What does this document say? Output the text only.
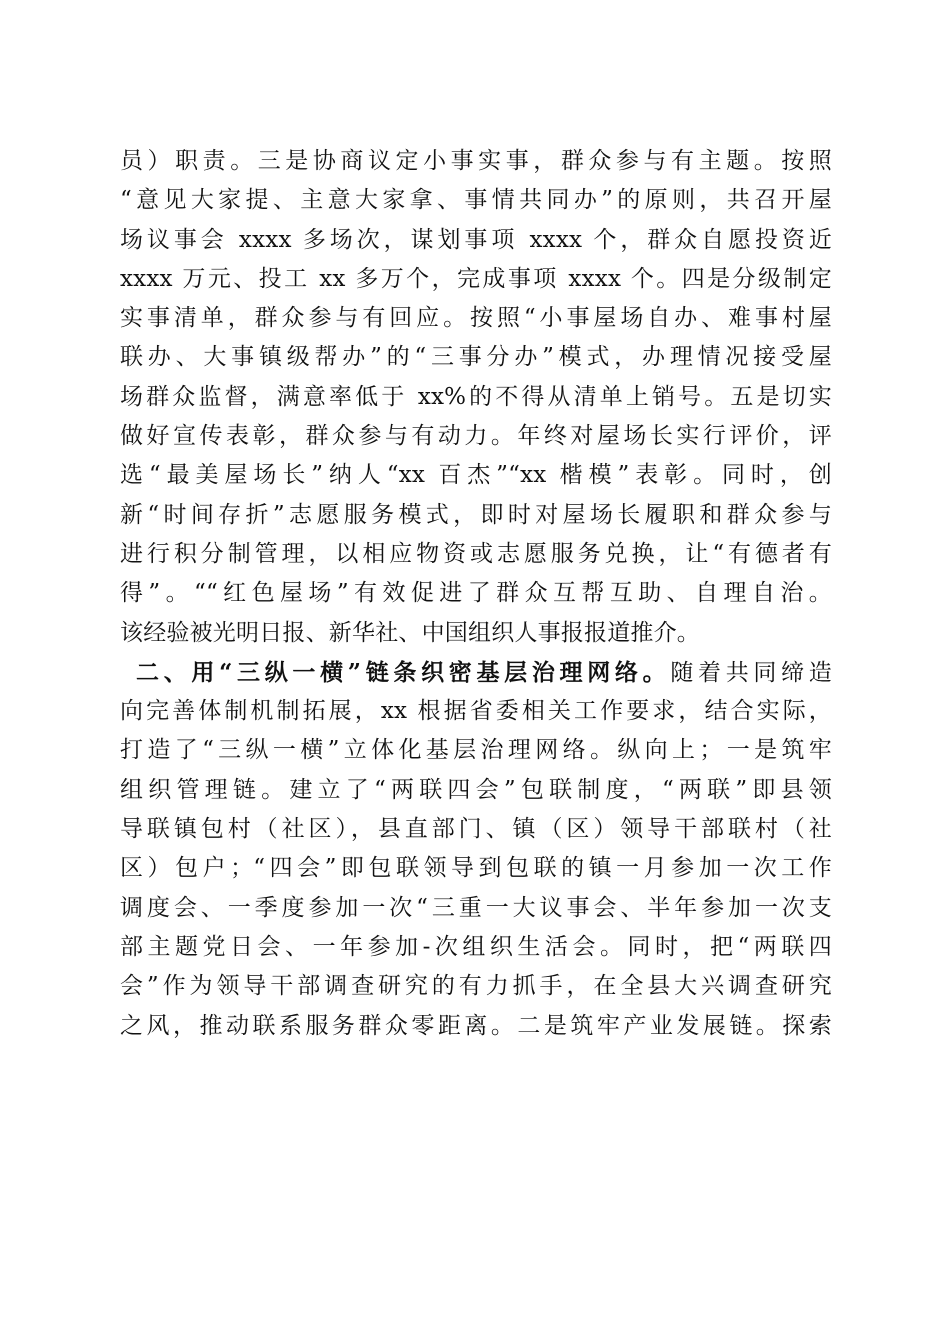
员）职责。三是协商议定小事实事，群众参与有主题。按照
“意见大家提、主意大家拿、事情共同办”的原则，共召开屋
场议事会 xxxx 多场次，谋划事项 xxxx 个，群众自愿投资近
xxxx 万元、投工 xx 多万个，完成事项 xxxx 个。四是分级制定
实事清单，群众参与有回应。按照“小事屋场自办、难事村屋
联办、大事镇级帮办”的“三事分办”模式，办理情况接受屋
场群众监督，满意率低于 xx%的不得从清单上销号。五是切实
做好宣传表彰，群众参与有动力。年终对屋场长实行评价，评
选“最美屋场长”纳人“xx 百杰”“xx 楷模”表彰。同时，创
新“时间存折”志愿服务模式，即时对屋场长履职和群众参与
进行积分制管理，以相应物资或志愿服务兑换，让“有德者有
得”。““红色屋场”有效促进了群众互帮互助、自理自治。
该经验被光明日报、新华社、中国组织人事报报道推介。
二、用“三纵一横”链条织密基层治理网络。随着共同缔造
向完善体制机制拓展，xx 根据省委相关工作要求，结合实际，
打造了“三纵一横”立体化基层治理网络。纵向上；一是筑牢
组织管理链。建立了“两联四会”包联制度，“两联”即县领
导联镇包村（社区），县直部门、镇（区）领导干部联村（社
区）包户；“四会”即包联领导到包联的镇一月参加一次工作
调度会、一季度参加一次“三重一大议事会、半年参加一次支
部主题党日会、一年参加-次组织生活会。同时，把“两联四
会”作为领导干部调查研究的有力抓手，在全县大兴调查研究
之风，推动联系服务群众零距离。二是筑牢产业发展链。探索
